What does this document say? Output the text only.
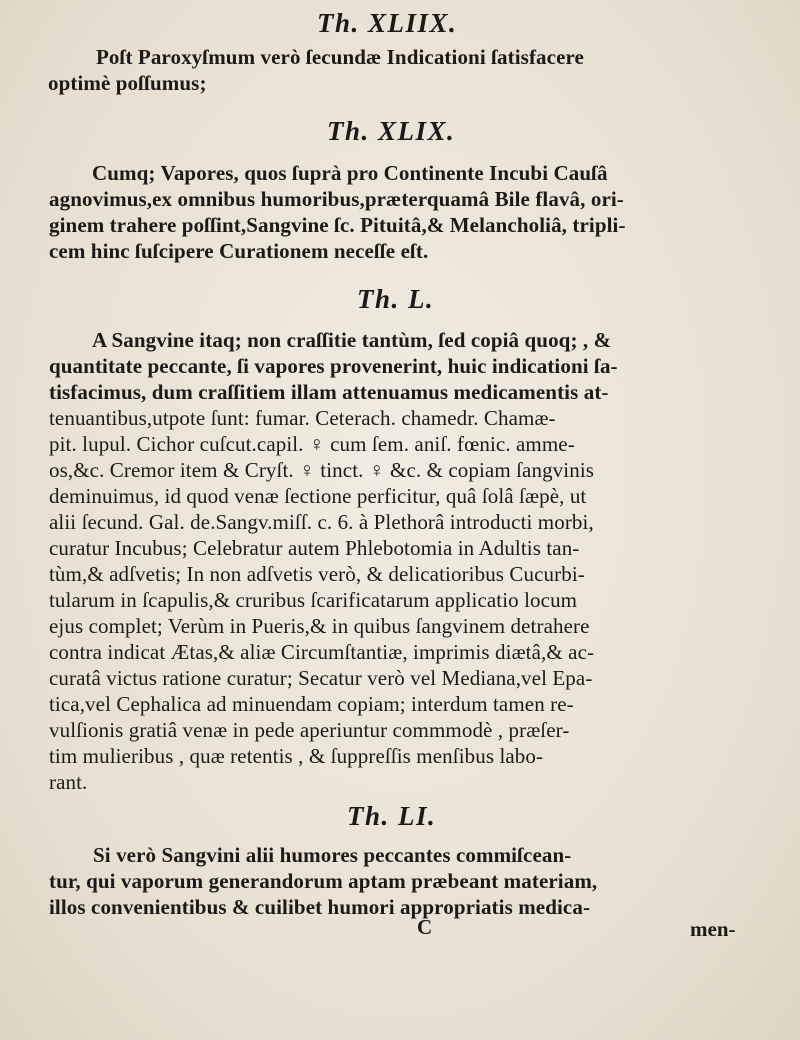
Th. XLIIX.
Poſt Paroxyſmum verò ſecundæ Indicationi ſatisfacere
optimè poſſumus;
Th. XLIX.
Cumq; Vapores, quos ſuprà pro Continente Incubi Cauſâ
agnovimus,ex omnibus humoribus,præterquamâ Bile flavâ, ori-
ginem trahere poſſint,Sangvine ſc. Pituitâ,& Melancholiâ, tripli-
cem hinc ſuſcipere Curationem neceſſe eſt.
Th. L.
A Sangvine itaq; non craſſitie tantùm, ſed copiâ quoq; , &
quantitate peccante, ſi vapores provenerint, huic indicationi ſa-
tisfacimus, dum craſſitiem illam attenuamus medicamentis at-
tenuantibus,utpote ſunt: fumar. Ceterach. chamedr. Chamæ-
pit. lupul. Cichor cuſcut.capil. ♀ cum ſem. aniſ. fœnic. amme-
os,&c. Cremor item & Cryſt. ♀ tinct. ♀ &c. & copiam ſangvinis
deminuimus, id quod venæ ſectione perficitur, quâ ſolâ ſæpè, ut
alii ſecund. Gal. de.Sangv.miſſ. c. 6. à Plethorâ introducti morbi,
curatur Incubus; Celebratur autem Phlebotomia in Adultis tan-
tùm,& adſvetis; In non adſvetis verò, & delicatioribus Cucurbi-
tularum in ſcapulis,& cruribus ſcarificatarum applicatio locum
ejus complet; Verùm in Pueris,& in quibus ſangvinem detrahere
contra indicat Ætas,& aliæ Circumſtantiæ, imprimis diætâ,& ac-
curatâ victus ratione curatur; Secatur verò vel Mediana,vel Epa-
tica,vel Cephalica ad minuendam copiam; interdum tamen re-
vulſionis gratiâ venæ in pede aperiuntur commmodè , præſer-
tim mulieribus , quæ retentis , & ſuppreſſis menſibus labo-
rant.
Th. LI.
Si verò Sangvini alii humores peccantes commiſcean-
tur, qui vaporum generandorum aptam præbeant materiam,
illos convenientibus & cuilibet humori appropriatis medica-
C	men-
